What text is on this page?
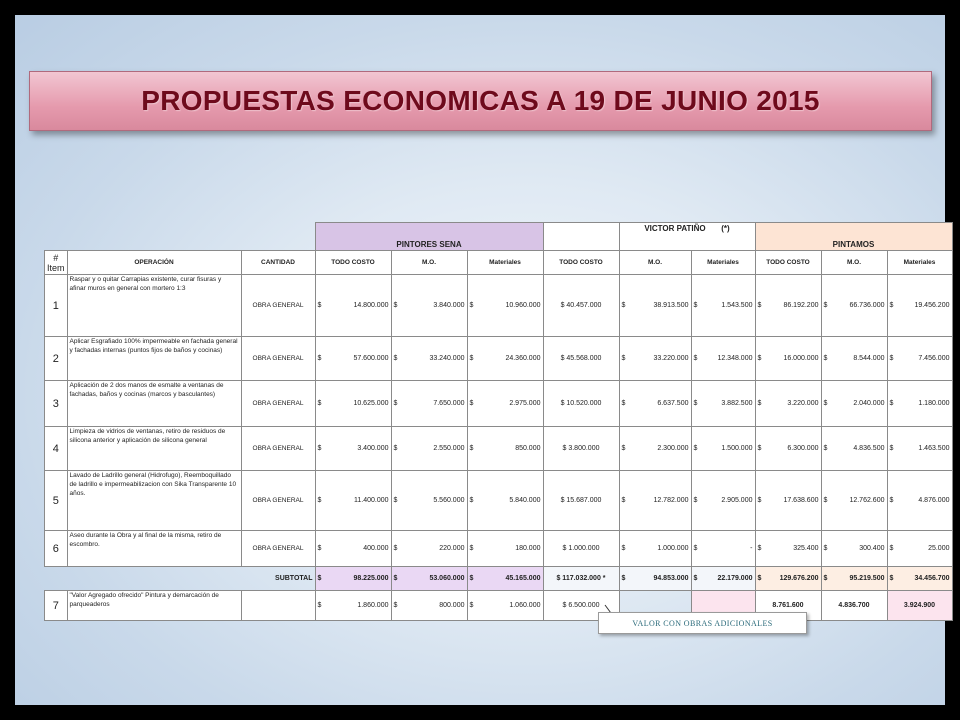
PROPUESTAS ECONOMICAS A 19 DE JUNIO 2015
			PINTORES SENA				VICTOR PATIÑO (*)		PINTAMOS		
# Item	OPERACIÓN	CANTIDAD	TODO COSTO	M.O.	Materiales	TODO COSTO	M.O.	Materiales	TODO COSTO	M.O.	Materiales
1	Raspar y o quitar Carrapias existente, curar fisuras y afinar muros en general con mortero 1:3	OBRA GENERAL	$ 14.800.000	$ 3.840.000	$ 10.960.000	$ 40.457.000	$ 38.913.500	$ 1.543.500	$ 86.192.200	$ 66.736.000	$ 19.456.200

2	Aplicar Esgrafiado 100% impermeable en fachada general y fachadas internas (puntos fijos de baños y cocinas)	OBRA GENERAL	$ 57.600.000	$ 33.240.000	$ 24.360.000	$ 45.568.000	$ 33.220.000	$ 12.348.000	$ 16.000.000	$ 8.544.000	$ 7.456.000

3	Aplicación de 2 dos manos de esmalte a ventanas de fachadas, baños y cocinas (marcos y basculantes)	OBRA GENERAL	$ 10.625.000	$ 7.650.000	$ 2.975.000	$ 10.520.000	$ 6.637.500	$ 3.882.500	$ 3.220.000	$ 2.040.000	$ 1.180.000

4	Limpieza de vidrios de ventanas, retiro de residuos de silicona anterior y aplicación de silicona general	OBRA GENERAL	$ 3.400.000	$ 2.550.000	$ 850.000	$ 3.800.000	$ 2.300.000	$ 1.500.000	$ 6.300.000	$ 4.836.500	$ 1.463.500

5	Lavado de Ladrillo general (Hidrofugo), Reemboquillado de ladrillo e impermeabilizacion con Sika Transparente 10 años.	OBRA GENERAL	$ 11.400.000	$ 5.560.000	$ 5.840.000	$ 15.687.000	$ 12.782.000	$ 2.905.000	$ 17.638.600	$ 12.762.600	$ 4.876.000

6	Aseo durante la Obra y al final de la misma, retiro de escombro.	OBRA GENERAL	$ 400.000	$ 220.000	$ 180.000	$ 1.000.000	$ 1.000.000	$ -	$ 325.400	$ 300.400	$ 25.000

	SUBTOTAL		$ 98.225.000	$ 53.060.000	$ 45.165.000	$ 117.032.000 *	$ 94.853.000	$ 22.179.000	$ 129.676.200	$ 95.219.500	$ 34.456.700

7	"Valor Agregado ofrecido" Pintura y demarcación de parqueaderos		$ 1.860.000	$ 800.000	$ 1.060.000	$ 6.500.000			8.761.600	4.836.700	3.924.900
VALOR CON OBRAS ADICIONALES
